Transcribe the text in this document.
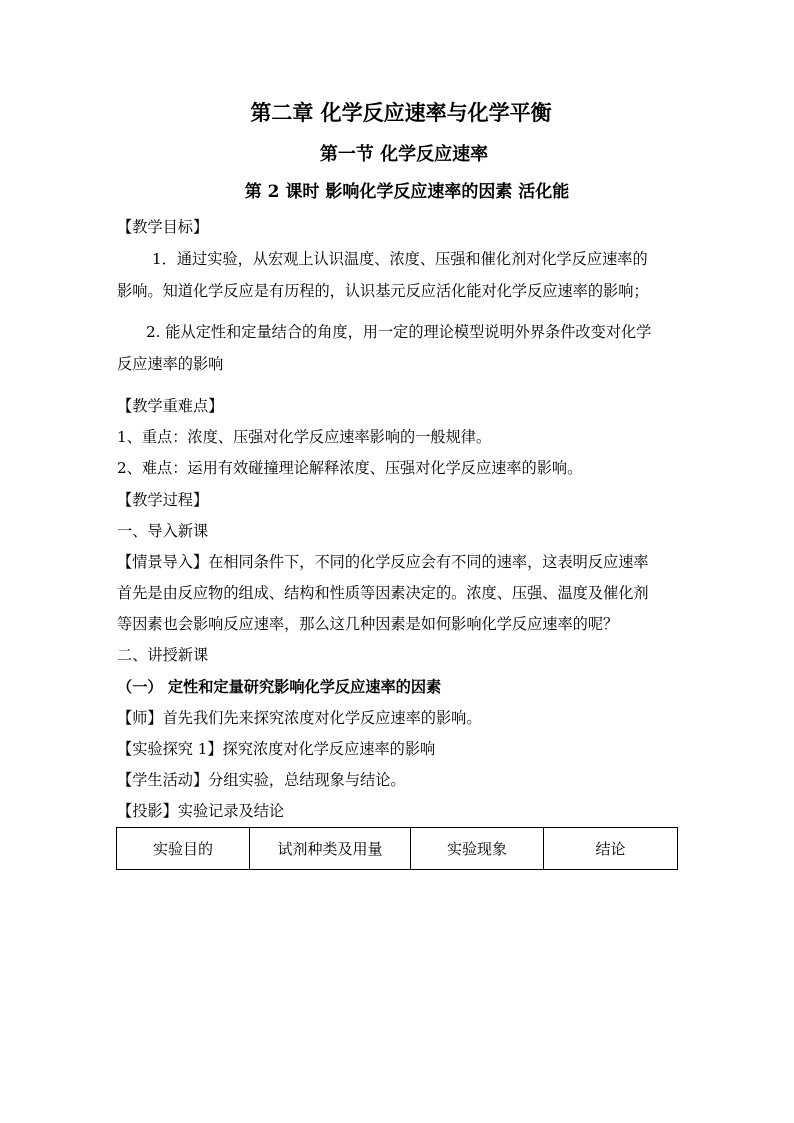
第二章 化学反应速率与化学平衡
第一节 化学反应速率
第 2 课时 影响化学反应速率的因素 活化能
【教学目标】
1．通过实验，从宏观上认识温度、浓度、压强和催化剂对化学反应速率的
影响。知道化学反应是有历程的，认识基元反应活化能对化学反应速率的影响；
2. 能从定性和定量结合的角度，用一定的理论模型说明外界条件改变对化学
反应速率的影响
【教学重难点】
1、重点：浓度、压强对化学反应速率影响的一般规律。
2、难点：运用有效碰撞理论解释浓度、压强对化学反应速率的影响。
【教学过程】
一、导入新课
【情景导入】在相同条件下，不同的化学反应会有不同的速率，这表明反应速率
首先是由反应物的组成、结构和性质等因素决定的。浓度、压强、温度及催化剂
等因素也会影响反应速率，那么这几种因素是如何影响化学反应速率的呢？
二、讲授新课
（一） 定性和定量研究影响化学反应速率的因素
【师】首先我们先来探究浓度对化学反应速率的影响。
【实验探究 1】探究浓度对化学反应速率的影响
【学生活动】分组实验，总结现象与结论。
【投影】实验记录及结论
实验目的	试剂种类及用量	实验现象	结论
